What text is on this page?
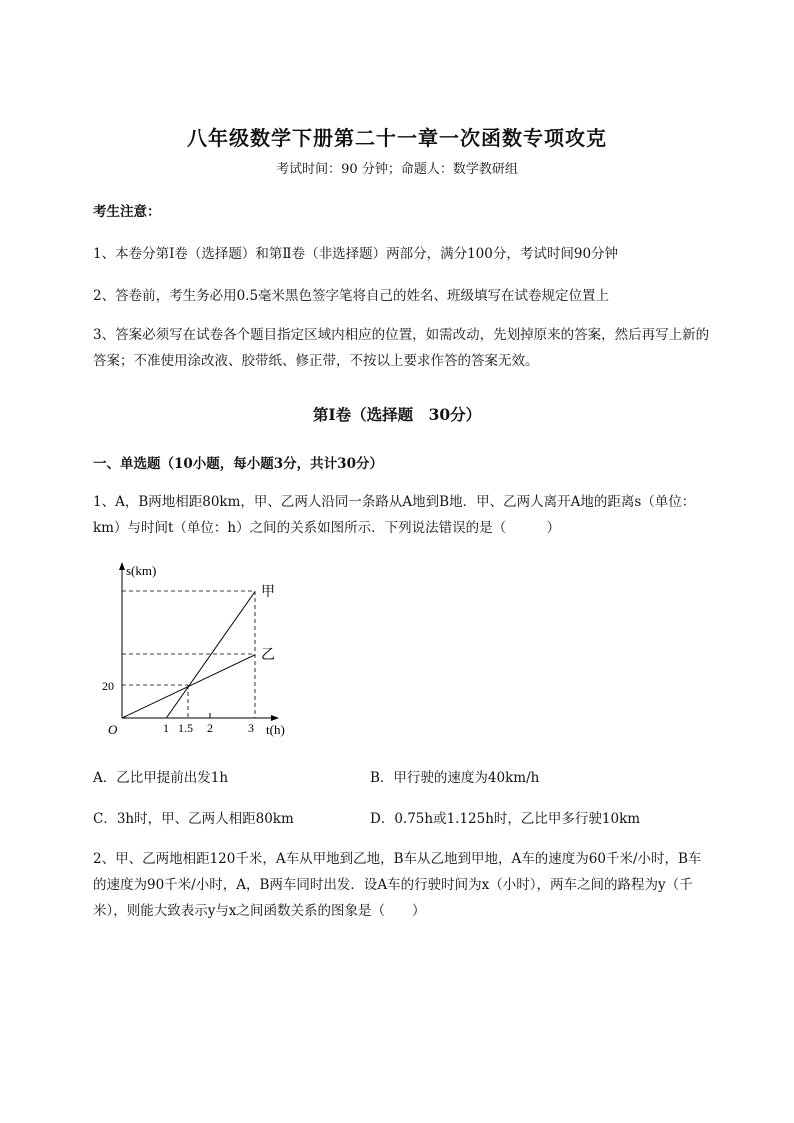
八年级数学下册第二十一章一次函数专项攻克
考试时间：90 分钟；命题人：数学教研组
考生注意：
1、本卷分第Ⅰ卷（选择题）和第Ⅱ卷（非选择题）两部分，满分100分，考试时间90分钟
2、答卷前，考生务必用0.5毫米黑色签字笔将自己的姓名、班级填写在试卷规定位置上
3、答案必须写在试卷各个题目指定区域内相应的位置，如需改动，先划掉原来的答案，然后再写上新的答案；不准使用涂改液、胶带纸、修正带，不按以上要求作答的答案无效。
第Ⅰ卷（选择题　30分）
一、单选题（10小题，每小题3分，共计30分）
1、A，B两地相距80km，甲、乙两人沿同一条路从A地到B地．甲、乙两人离开A地的距离s（单位：km）与时间t（单位：h）之间的关系如图所示．下列说法错误的是（　　　）
s(km)
t(h)
O
20
1 1.5 2	3
甲
乙
A．乙比甲提前出发1h	B．甲行驶的速度为40km/h
C．3h时，甲、乙两人相距80km	D．0.75h或1.125h时，乙比甲多行驶10km
2、甲、乙两地相距120千米，A车从甲地到乙地，B车从乙地到甲地，A车的速度为60千米/小时，B车的速度为90千米/小时，A，B两车同时出发．设A车的行驶时间为x（小时），两车之间的路程为y（千米），则能大致表示y与x之间函数关系的图象是（　　）
